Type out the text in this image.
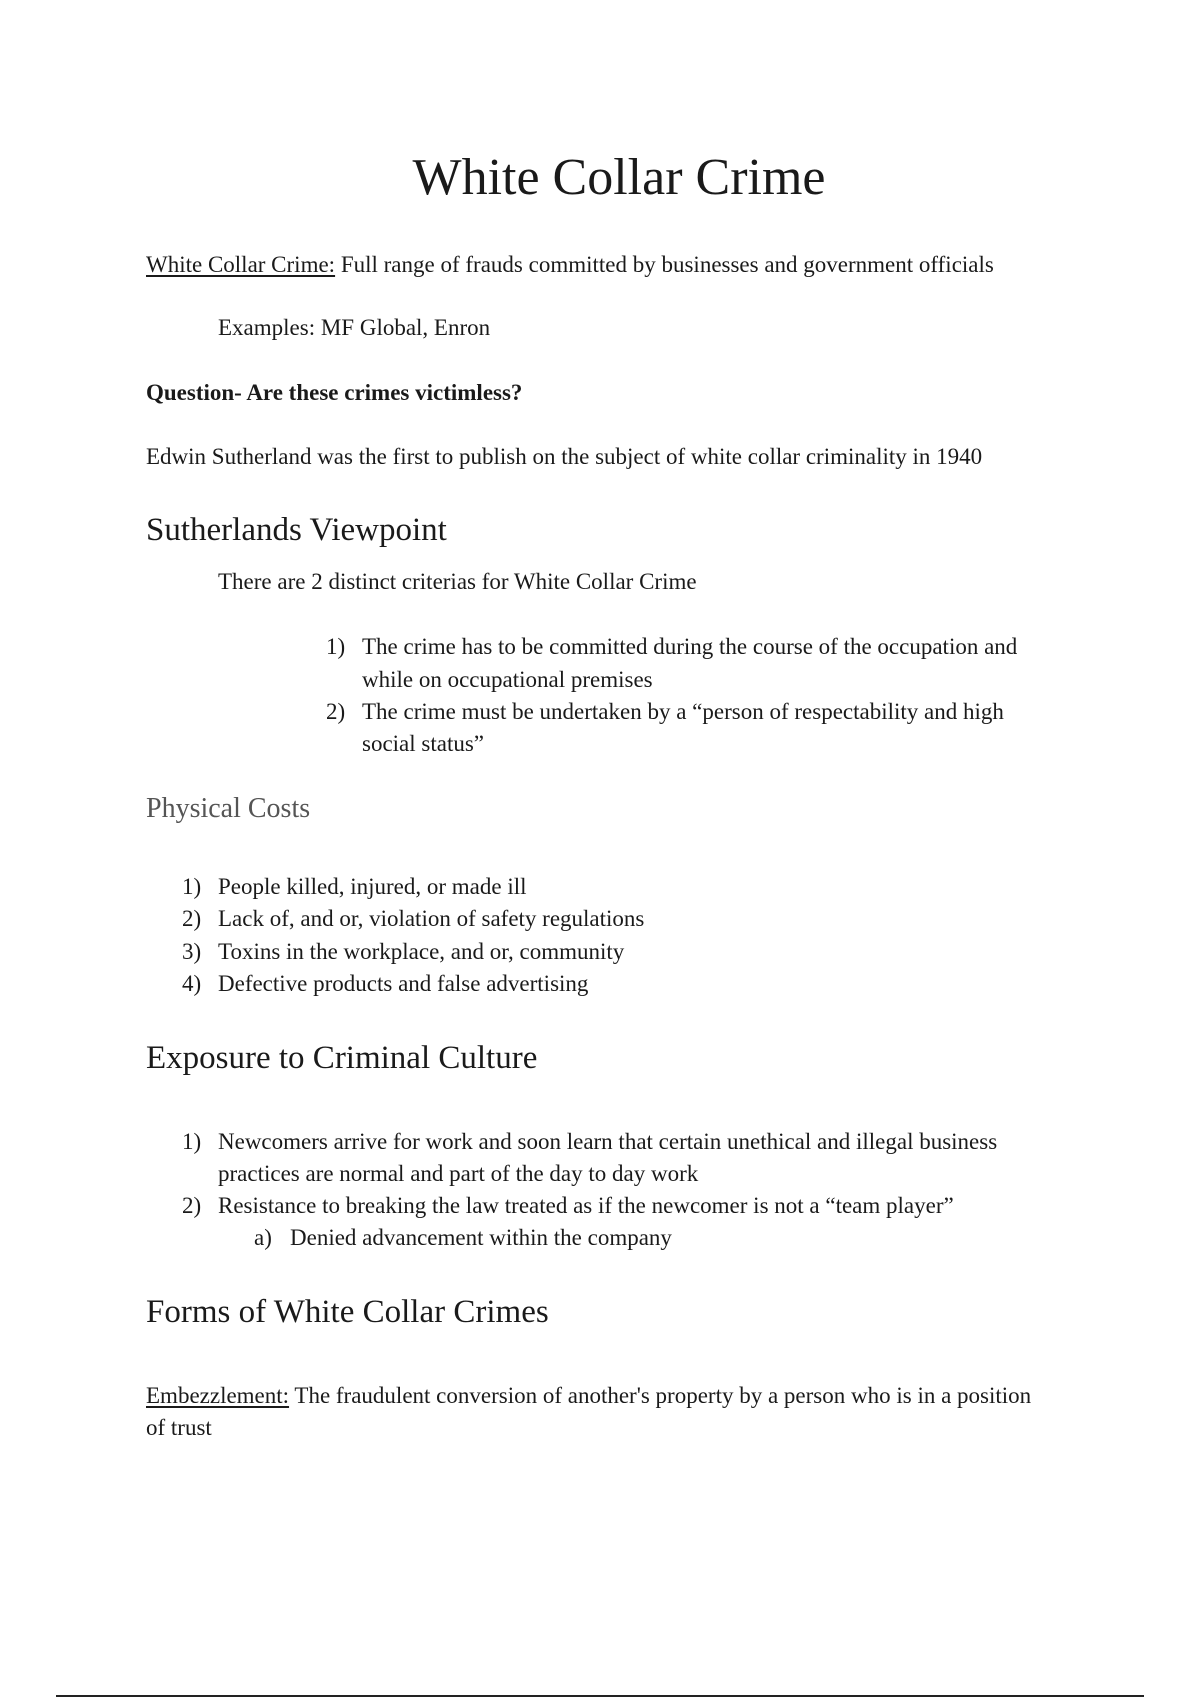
White Collar Crime

White Collar Crime: Full range of frauds committed by businesses and government officials

Examples: MF Global, Enron

Question- Are these crimes victimless?

Edwin Sutherland was the first to publish on the subject of white collar criminality in 1940

Sutherlands Viewpoint

There are 2 distinct criterias for White Collar Crime

1) The crime has to be committed during the course of the occupation and

while on occupational premises

2) The crime must be undertaken by a “person of respectability and high

social status”

Physical Costs

1) People killed, injured, or made ill

2) Lack of, and or, violation of safety regulations

3) Toxins in the workplace, and or, community

4) Defective products and false advertising

Exposure to Criminal Culture

1) Newcomers arrive for work and soon learn that certain unethical and illegal business

practices are normal and part of the day to day work

2) Resistance to breaking the law treated as if the newcomer is not a “team player”

a) Denied advancement within the company

Forms of White Collar Crimes

Embezzlement: The fraudulent conversion of another's property by a person who is in a position

of trust
